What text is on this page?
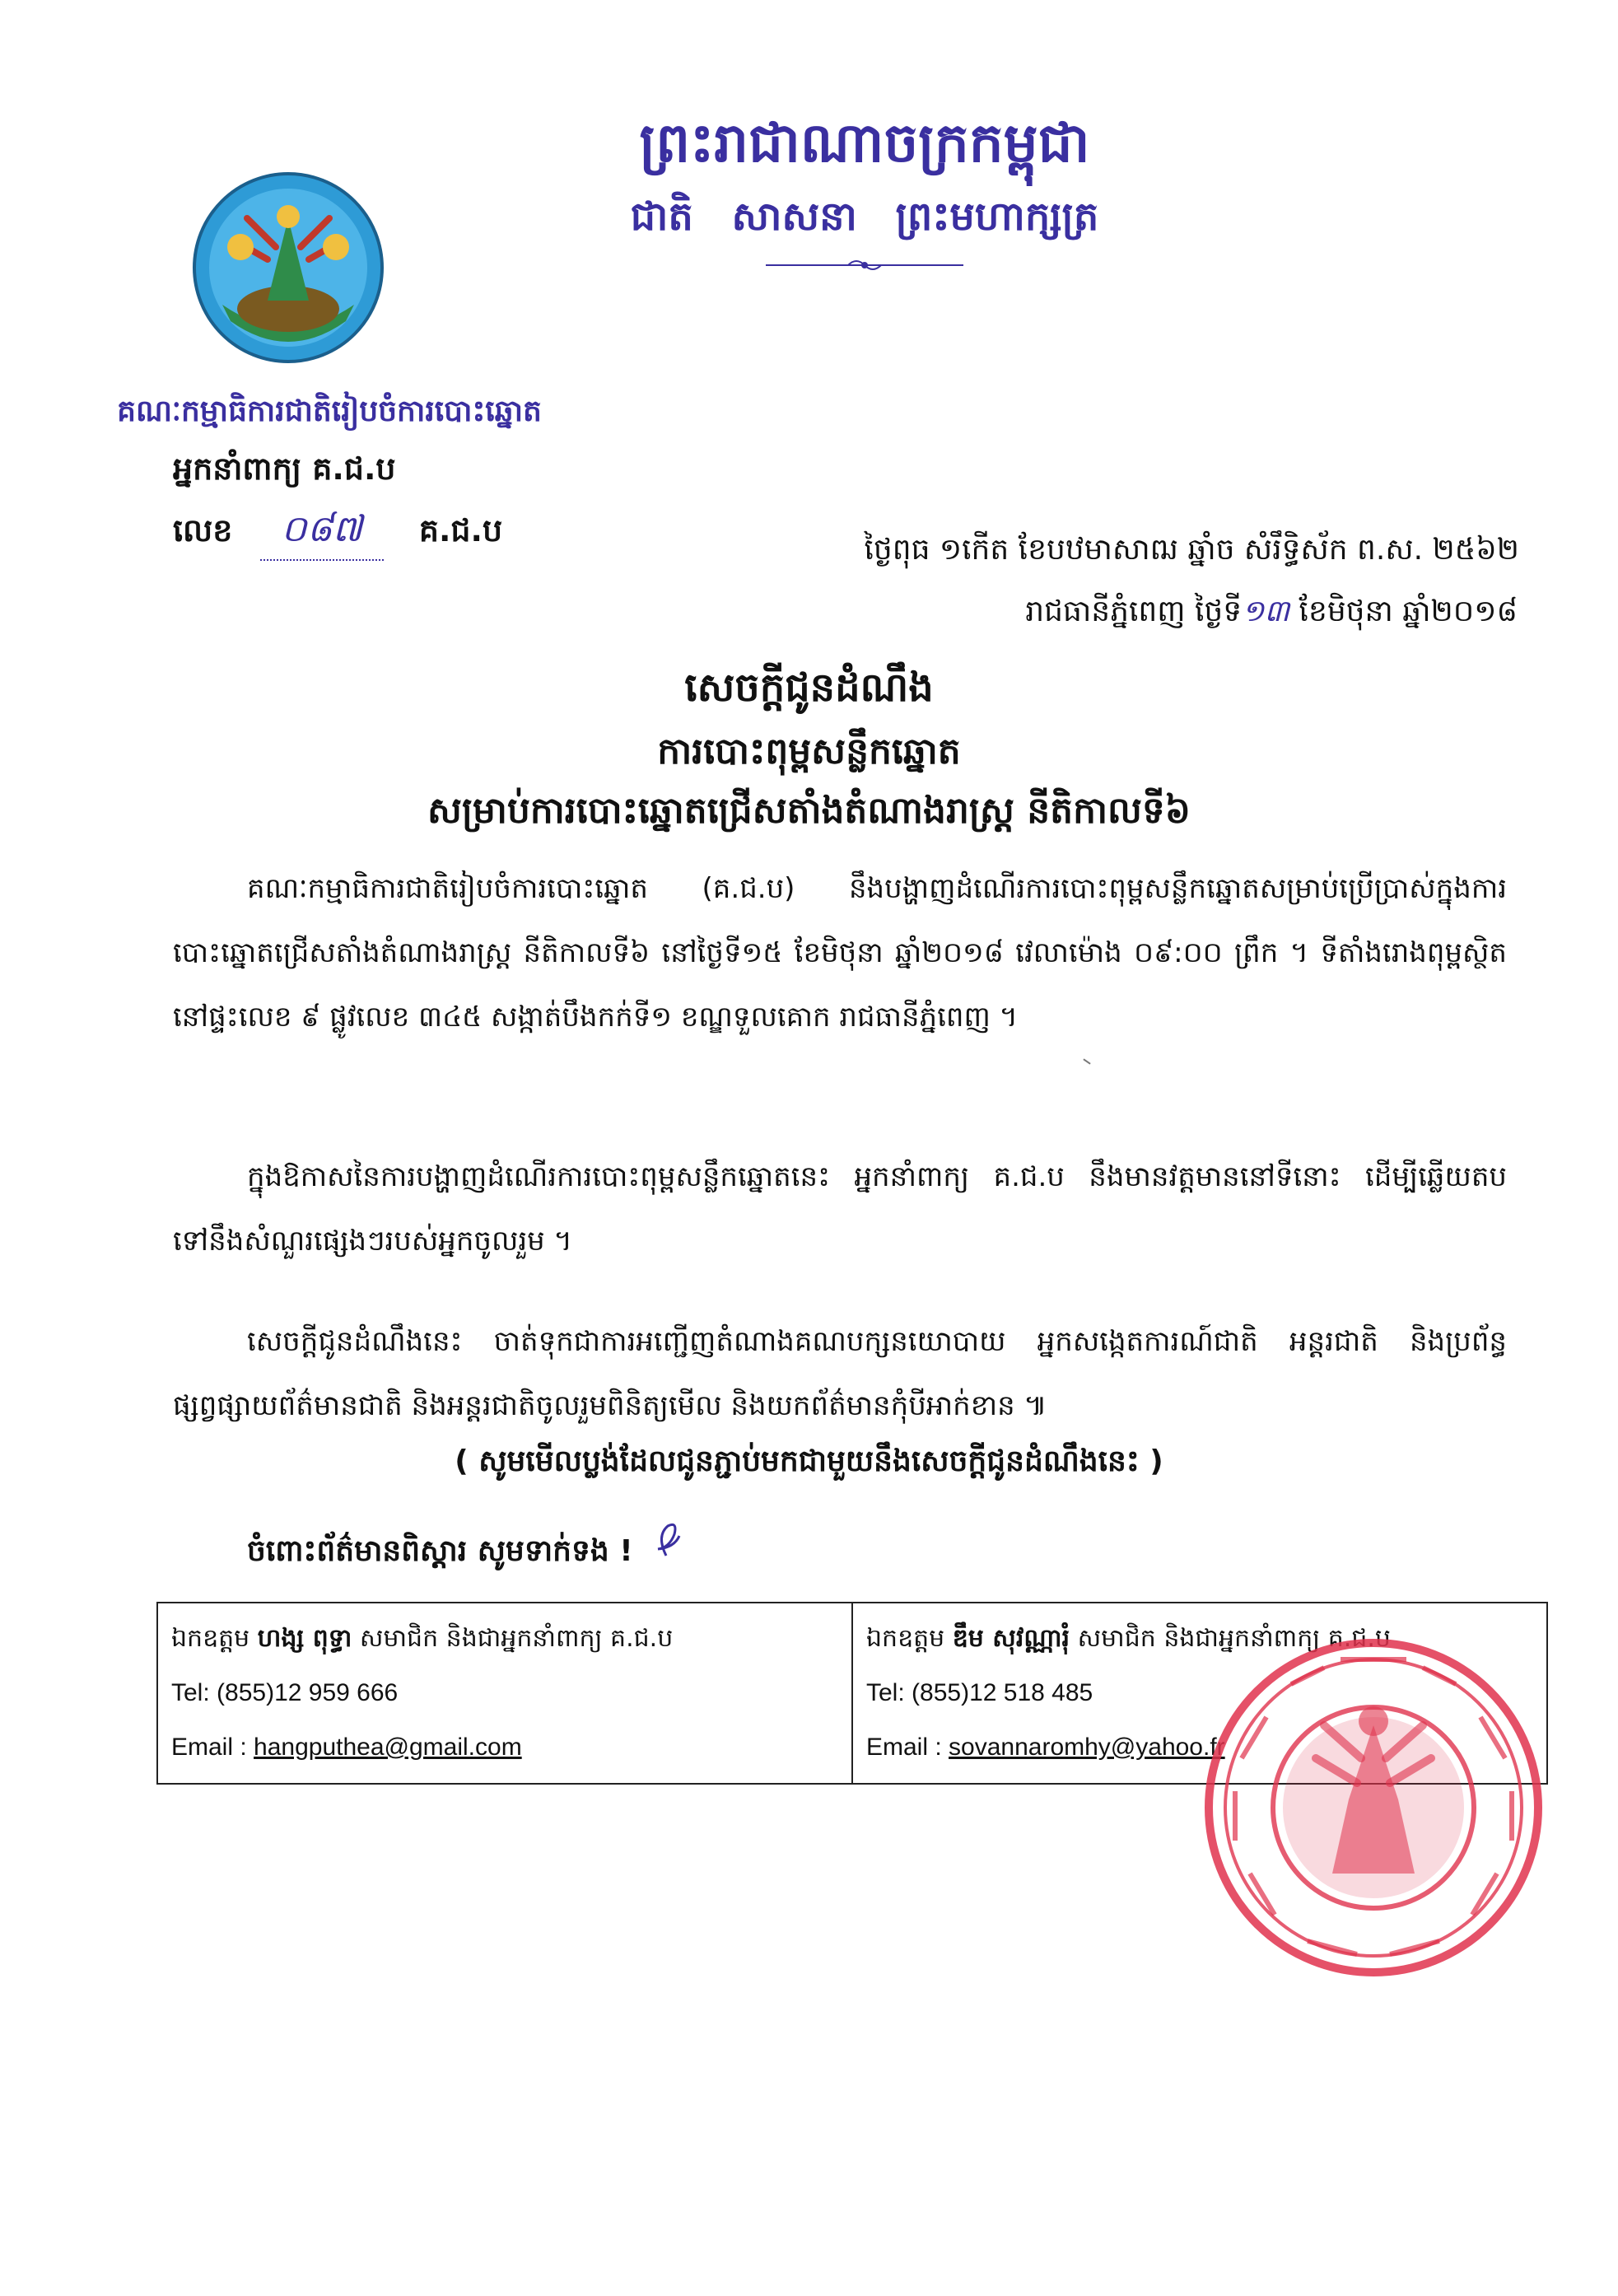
ព្រះរាជាណាចក្រកម្ពុជា
ជាតិ សាសនា ព្រះមហាក្សត្រ
គណៈកម្មាធិការជាតិរៀបចំការបោះឆ្នោត
អ្នកនាំពាក្យ គ.ជ.ប
លេខ ០៨៧ គ.ជ.ប
ថ្ងៃពុធ ១កើត ខែបឋមាសាឍ ឆ្នាំច សំរឹទ្ធិស័ក ព.ស. ២៥៦២
រាជធានីភ្នំពេញ ថ្ងៃទី១៣ ខែមិថុនា ឆ្នាំ២០១៨
សេចក្ដីជូនដំណឹង
ការបោះពុម្ពសន្លឹកឆ្នោត
សម្រាប់ការបោះឆ្នោតជ្រើសតាំងតំណាងរាស្ត្រ នីតិកាលទី៦
គណៈកម្មាធិការជាតិរៀបចំការបោះឆ្នោត (គ.ជ.ប) នឹងបង្ហាញដំណើរការបោះពុម្ពសន្លឹកឆ្នោតសម្រាប់ប្រើប្រាស់ក្នុងការបោះឆ្នោតជ្រើសតាំងតំណាងរាស្ត្រ នីតិកាលទី៦ នៅថ្ងៃទី១៥ ខែមិថុនា ឆ្នាំ២០១៨ វេលាម៉ោង ០៩:០០ ព្រឹក ។ ទីតាំងរោងពុម្ពស្ថិតនៅផ្ទះលេខ ៩ ផ្លូវលេខ ៣៤៥ សង្កាត់បឹងកក់ទី១ ខណ្ឌទួលគោក រាជធានីភ្នំពេញ ។
ក្នុងឱកាសនៃការបង្ហាញដំណើរការបោះពុម្ពសន្លឹកឆ្នោតនេះ អ្នកនាំពាក្យ គ.ជ.ប នឹងមានវត្តមាននៅទីនោះ ដើម្បីឆ្លើយតបទៅនឹងសំណួរផ្សេងៗរបស់អ្នកចូលរួម ។
សេចក្ដីជូនដំណឹងនេះ ចាត់ទុកជាការអញ្ជើញតំណាងគណបក្សនយោបាយ អ្នកសង្កេតការណ៍ជាតិ អន្តរជាតិ និងប្រព័ន្ធផ្សព្វផ្សាយព័ត៌មានជាតិ និងអន្តរជាតិចូលរួមពិនិត្យមើល និងយកព័ត៌មានកុំបីអាក់ខាន ៕
( សូមមើលប្លង់ដែលជូនភ្ជាប់មកជាមួយនឹងសេចក្ដីជូនដំណឹងនេះ )
ចំពោះព័ត៌មានពិស្ដារ សូមទាក់ទង !
ឯកឧត្ដម ហង្ស ពុទ្ធា សមាជិក និងជាអ្នកនាំពាក្យ គ.ជ.ប
Tel: (855)12 959 666
Email : hangputhea@gmail.com

ឯកឧត្ដម ឌឹម សុវណ្ណារុំ សមាជិក និងជាអ្នកនាំពាក្យ គ.ជ.ប
Tel: (855)12 518 485
Email : sovannaromhy@yahoo.fr
